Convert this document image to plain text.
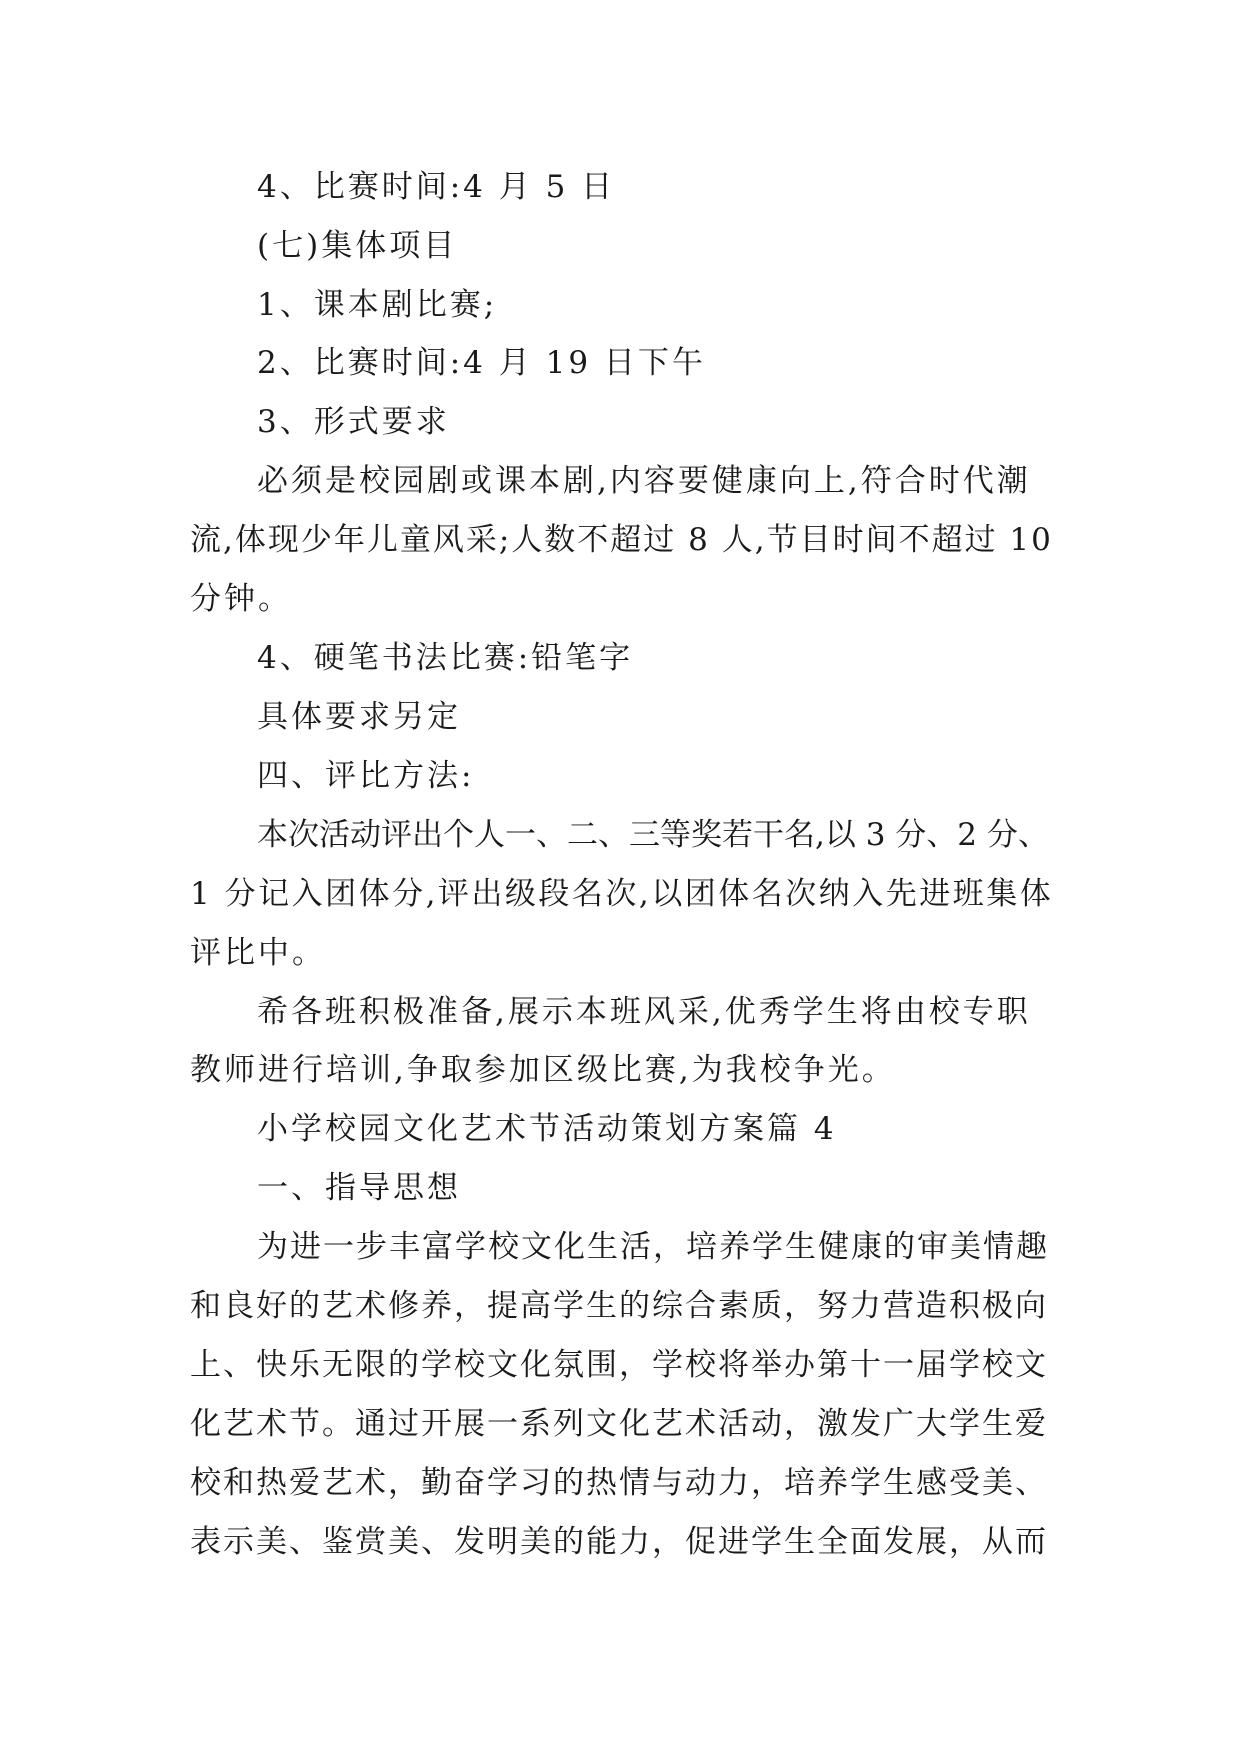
4、比赛时间:4 月 5 日
(七)集体项目
1、课本剧比赛;
2、比赛时间:4 月 19 日下午
3、形式要求
必须是校园剧或课本剧,内容要健康向上,符合时代潮
流,体现少年儿童风采;人数不超过 8 人,节目时间不超过 10
分钟。
4、硬笔书法比赛:铅笔字
具体要求另定
四、评比方法:
本次活动评出个人一、二、三等奖若干名,以 3 分、2 分、
1 分记入团体分,评出级段名次,以团体名次纳入先进班集体
评比中。
希各班积极准备,展示本班风采,优秀学生将由校专职
教师进行培训,争取参加区级比赛,为我校争光。
小学校园文化艺术节活动策划方案篇 4
一、指导思想
为进一步丰富学校文化生活，培养学生健康的审美情趣
和良好的艺术修养，提高学生的综合素质，努力营造积极向
上、快乐无限的学校文化氛围，学校将举办第十一届学校文
化艺术节。通过开展一系列文化艺术活动，激发广大学生爱
校和热爱艺术，勤奋学习的热情与动力，培养学生感受美、
表示美、鉴赏美、发明美的能力，促进学生全面发展，从而
